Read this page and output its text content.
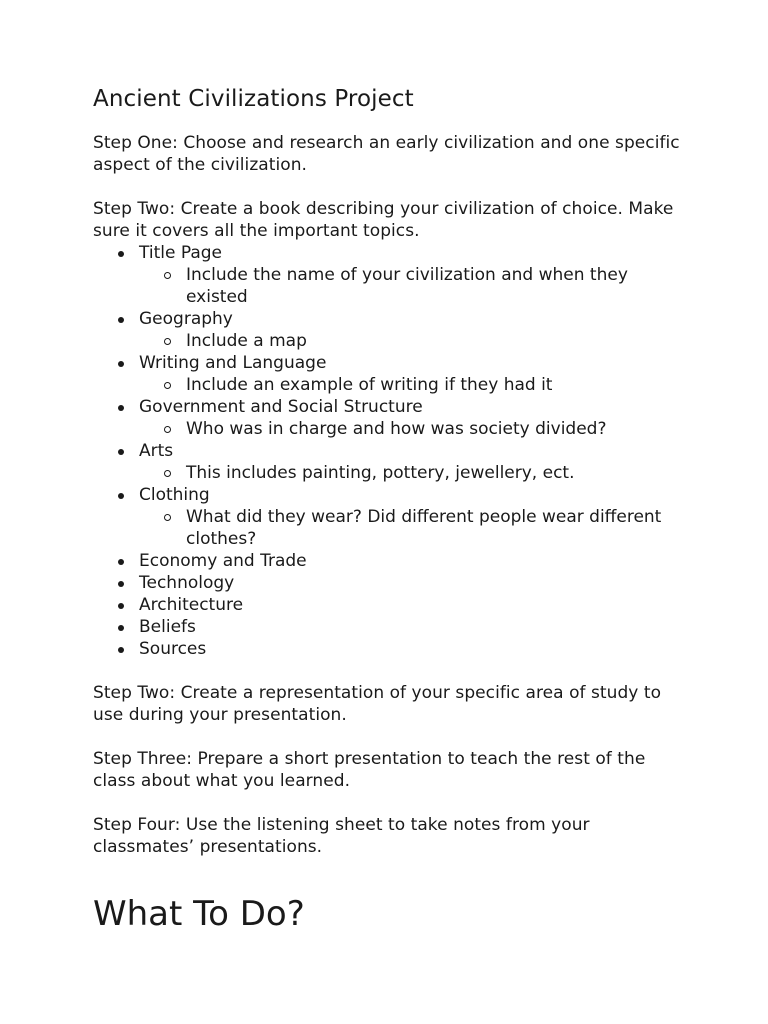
Ancient Civilizations Project

Step One: Choose and research an early civilization and one specific aspect of the civilization.

Step Two: Create a book describing your civilization of choice. Make sure it covers all the important topics.

Title Page
Include the name of your civilization and when they existed
Geography
Include a map
Writing and Language
Include an example of writing if they had it
Government and Social Structure
Who was in charge and how was society divided?
Arts
This includes painting, pottery, jewellery, ect.
Clothing
What did they wear? Did different people wear different clothes?
Economy and Trade
Technology
Architecture
Beliefs
Sources

Step Two: Create a representation of your specific area of study to use during your presentation.

Step Three: Prepare a short presentation to teach the rest of the class about what you learned.

Step Four: Use the listening sheet to take notes from your classmates’ presentations.

What To Do?
